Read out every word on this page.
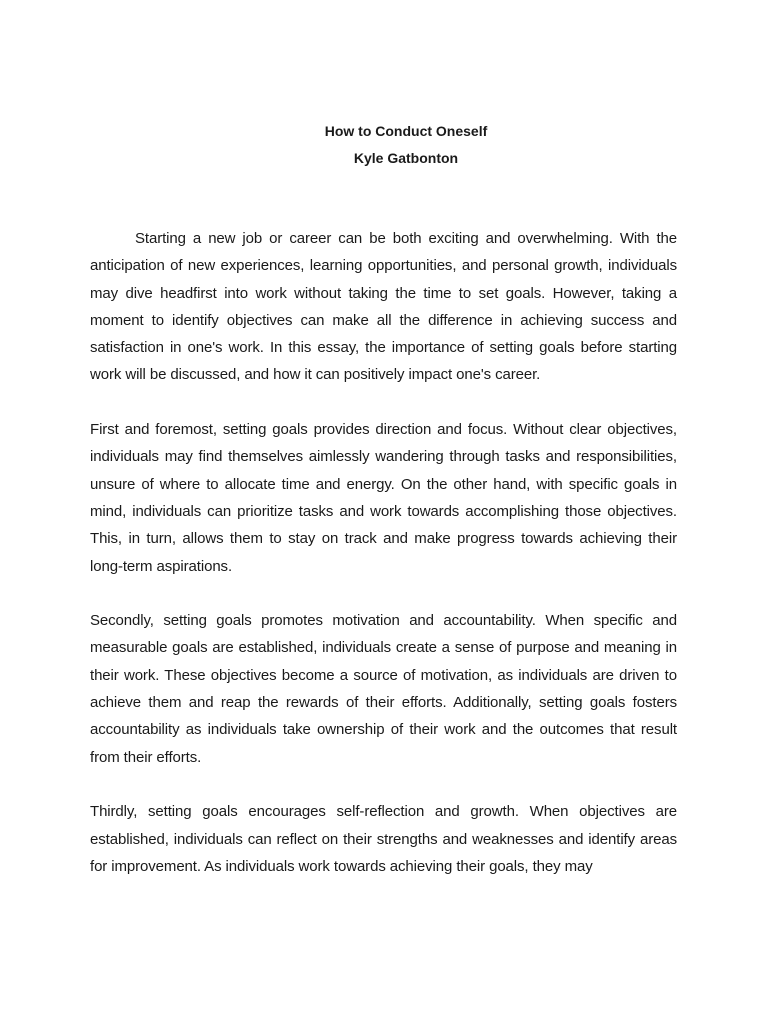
How to Conduct Oneself

Kyle Gatbonton

Starting a new job or career can be both exciting and overwhelming. With the anticipation of new experiences, learning opportunities, and personal growth, individuals may dive headfirst into work without taking the time to set goals. However, taking a moment to identify objectives can make all the difference in achieving success and satisfaction in one's work. In this essay, the importance of setting goals before starting work will be discussed, and how it can positively impact one's career.

First and foremost, setting goals provides direction and focus. Without clear objectives, individuals may find themselves aimlessly wandering through tasks and responsibilities, unsure of where to allocate time and energy. On the other hand, with specific goals in mind, individuals can prioritize tasks and work towards accomplishing those objectives. This, in turn, allows them to stay on track and make progress towards achieving their long-term aspirations.

Secondly, setting goals promotes motivation and accountability. When specific and measurable goals are established, individuals create a sense of purpose and meaning in their work. These objectives become a source of motivation, as individuals are driven to achieve them and reap the rewards of their efforts. Additionally, setting goals fosters accountability as individuals take ownership of their work and the outcomes that result from their efforts.

Thirdly, setting goals encourages self-reflection and growth. When objectives are established, individuals can reflect on their strengths and weaknesses and identify areas for improvement. As individuals work towards achieving their goals, they may
